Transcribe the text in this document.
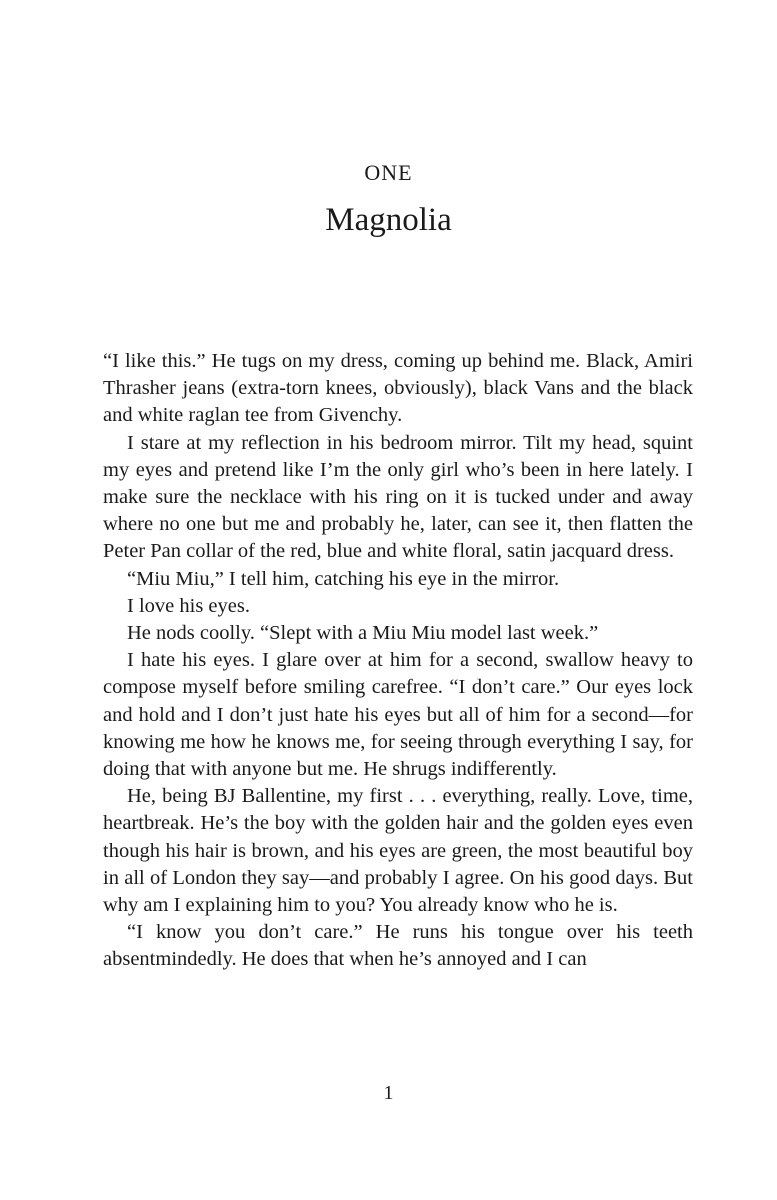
ONE
Magnolia

“I like this.” He tugs on my dress, coming up behind me. Black, Amiri Thrasher jeans (extra-torn knees, obviously), black Vans and the black and white raglan tee from Givenchy.

I stare at my reflection in his bedroom mirror. Tilt my head, squint my eyes and pretend like I’m the only girl who’s been in here lately. I make sure the necklace with his ring on it is tucked under and away where no one but me and probably he, later, can see it, then flatten the Peter Pan collar of the red, blue and white floral, satin jacquard dress.

“Miu Miu,” I tell him, catching his eye in the mirror.

I love his eyes.

He nods coolly. “Slept with a Miu Miu model last week.”

I hate his eyes. I glare over at him for a second, swallow heavy to compose myself before smiling carefree. “I don’t care.” Our eyes lock and hold and I don’t just hate his eyes but all of him for a second—for knowing me how he knows me, for seeing through everything I say, for doing that with anyone but me. He shrugs indifferently.

He, being BJ Ballentine, my first . . . everything, really. Love, time, heartbreak. He’s the boy with the golden hair and the golden eyes even though his hair is brown, and his eyes are green, the most beautiful boy in all of London they say—and probably I agree. On his good days. But why am I explaining him to you? You already know who he is.

“I know you don’t care.” He runs his tongue over his teeth absentmindedly. He does that when he’s annoyed and I can

1
